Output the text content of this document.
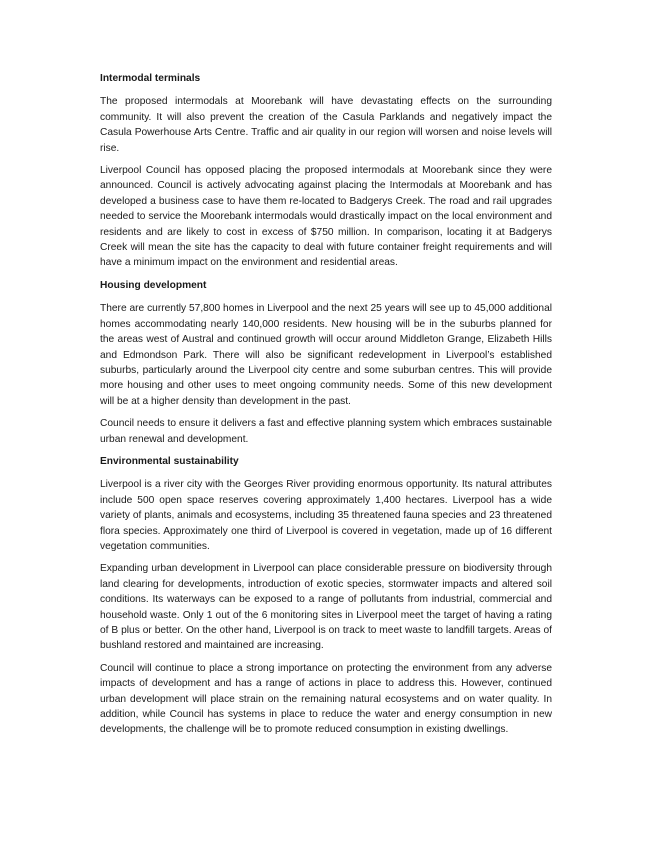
Intermodal terminals

The proposed intermodals at Moorebank will have devastating effects on the surrounding community. It will also prevent the creation of the Casula Parklands and negatively impact the Casula Powerhouse Arts Centre. Traffic and air quality in our region will worsen and noise levels will rise.

Liverpool Council has opposed placing the proposed intermodals at Moorebank since they were announced. Council is actively advocating against placing the Intermodals at Moorebank and has developed a business case to have them re-located to Badgerys Creek. The road and rail upgrades needed to service the Moorebank intermodals would drastically impact on the local environment and residents and are likely to cost in excess of $750 million. In comparison, locating it at Badgerys Creek will mean the site has the capacity to deal with future container freight requirements and will have a minimum impact on the environment and residential areas.

Housing development

There are currently 57,800 homes in Liverpool and the next 25 years will see up to 45,000 additional homes accommodating nearly 140,000 residents. New housing will be in the suburbs planned for the areas west of Austral and continued growth will occur around Middleton Grange, Elizabeth Hills and Edmondson Park. There will also be significant redevelopment in Liverpool’s established suburbs, particularly around the Liverpool city centre and some suburban centres. This will provide more housing and other uses to meet ongoing community needs. Some of this new development will be at a higher density than development in the past.

Council needs to ensure it delivers a fast and effective planning system which embraces sustainable urban renewal and development.

Environmental sustainability

Liverpool is a river city with the Georges River providing enormous opportunity. Its natural attributes include 500 open space reserves covering approximately 1,400 hectares. Liverpool has a wide variety of plants, animals and ecosystems, including 35 threatened fauna species and 23 threatened flora species. Approximately one third of Liverpool is covered in vegetation, made up of 16 different vegetation communities.

Expanding urban development in Liverpool can place considerable pressure on biodiversity through land clearing for developments, introduction of exotic species, stormwater impacts and altered soil conditions. Its waterways can be exposed to a range of pollutants from industrial, commercial and household waste. Only 1 out of the 6 monitoring sites in Liverpool meet the target of having a rating of B plus or better. On the other hand, Liverpool is on track to meet waste to landfill targets. Areas of bushland restored and maintained are increasing.

Council will continue to place a strong importance on protecting the environment from any adverse impacts of development and has a range of actions in place to address this. However, continued urban development will place strain on the remaining natural ecosystems and on water quality. In addition, while Council has systems in place to reduce the water and energy consumption in new developments, the challenge will be to promote reduced consumption in existing dwellings.
